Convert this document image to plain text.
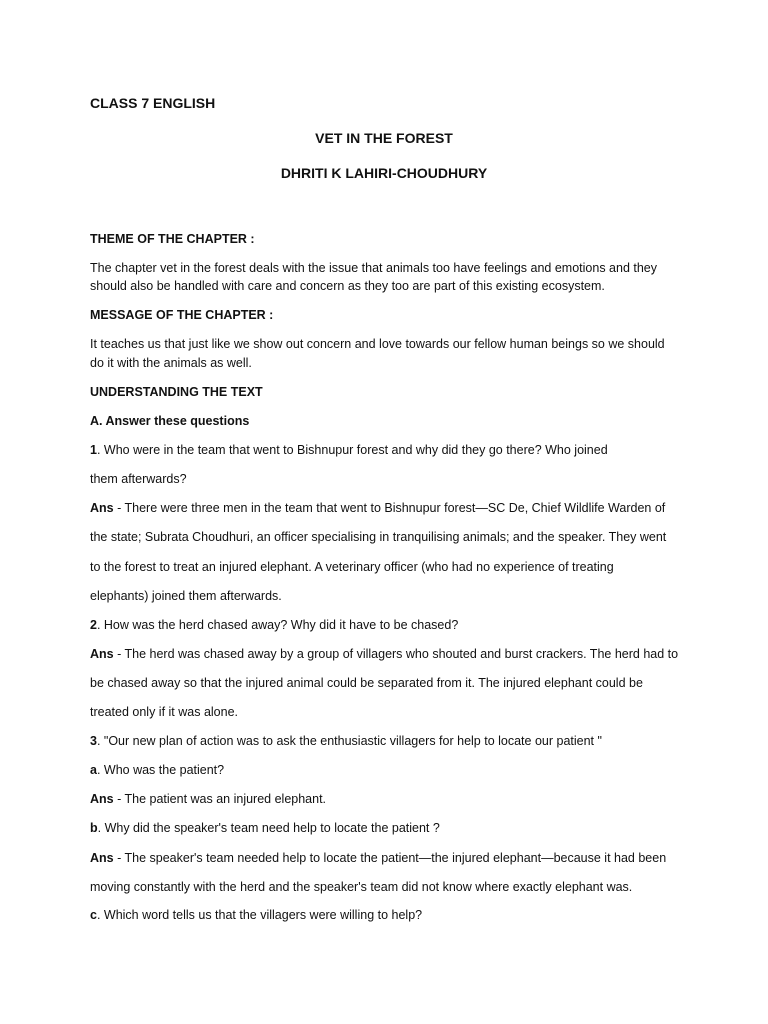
CLASS 7 ENGLISH
VET IN THE FOREST
DHRITI K LAHIRI-CHOUDHURY
THEME OF THE CHAPTER :
The chapter vet in the forest deals with the issue that animals too have feelings and emotions and they
should also be handled with care and concern as they too are part of this existing ecosystem.
MESSAGE OF THE CHAPTER :
It teaches us that just like we show out concern and love towards our fellow human beings so we should
do it with the animals as well.
UNDERSTANDING THE TEXT
A. Answer these questions
1. Who were in the team that went to Bishnupur forest and why did they go there? Who joined
them afterwards?
Ans - There were three men in the team that went to Bishnupur forest—SC De, Chief Wildlife Warden of
the state; Subrata Choudhuri, an officer specialising in tranquilising animals; and the speaker. They went
to the forest to treat an injured elephant. A veterinary officer (who had no experience of treating
elephants) joined them afterwards.
2. How was the herd chased away? Why did it have to be chased?
Ans - The herd was chased away by a group of villagers who shouted and burst crackers. The herd had to
be chased away so that the injured animal could be separated from it. The injured elephant could be
treated only if it was alone.
3. "Our new plan of action was to ask the enthusiastic villagers for help to locate our patient "
a. Who was the patient?
Ans - The patient was an injured elephant.
b. Why did the speaker's team need help to locate the patient ?
Ans - The speaker's team needed help to locate the patient—the injured elephant—because it had been
moving constantly with the herd and the speaker's team did not know where exactly elephant was.
c. Which word tells us that the villagers were willing to help?
